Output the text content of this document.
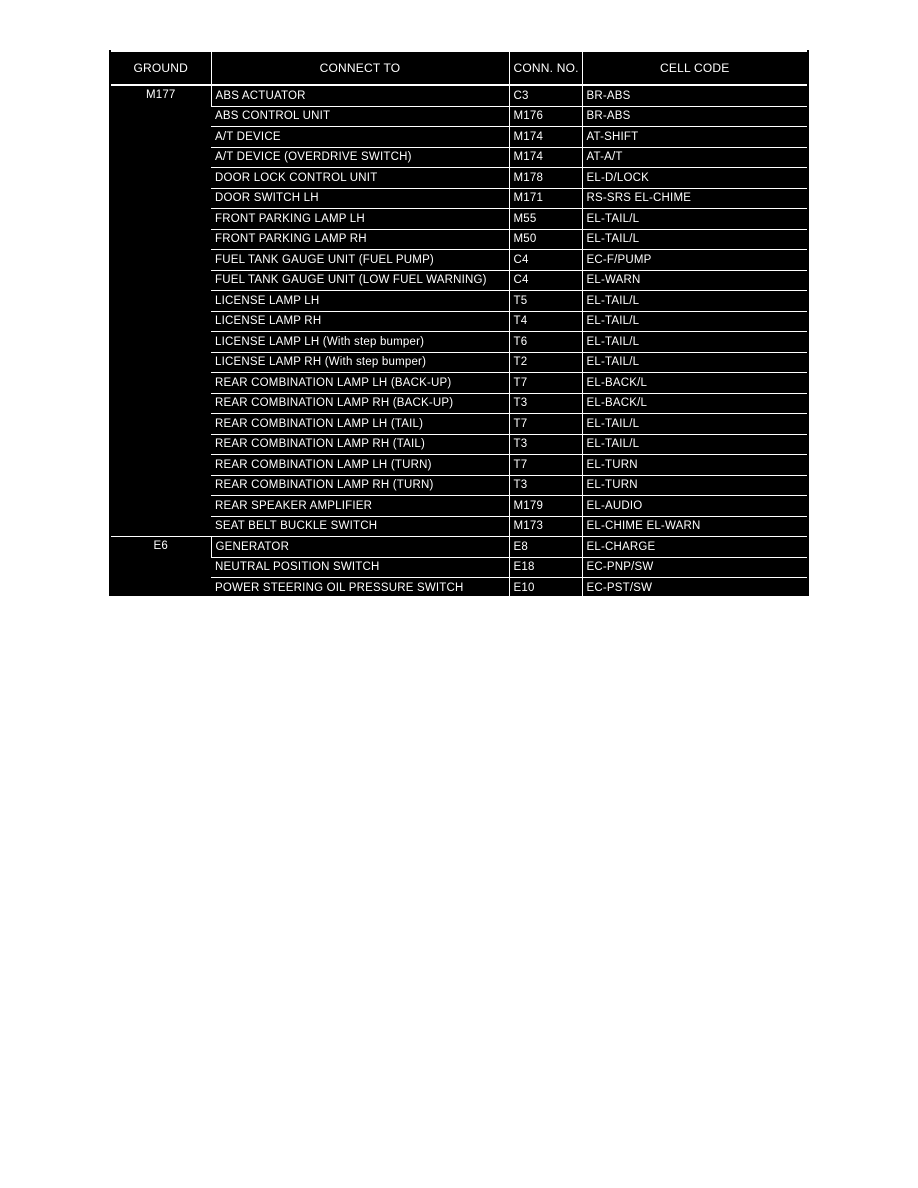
GROUND	CONNECT TO	CONN. NO.	CELL CODE
M177	ABS ACTUATOR	C3	BR-ABS
	ABS CONTROL UNIT	M176	BR-ABS
	A/T DEVICE	M174	AT-SHIFT
	A/T DEVICE (OVERDRIVE SWITCH)	M174	AT-A/T
	DOOR LOCK CONTROL UNIT	M178	EL-D/LOCK
	DOOR SWITCH LH	M171	RS-SRS EL-CHIME
	FRONT PARKING LAMP LH	M55	EL-TAIL/L
	FRONT PARKING LAMP RH	M50	EL-TAIL/L
	FUEL TANK GAUGE UNIT (FUEL PUMP)	C4	EC-F/PUMP
	FUEL TANK GAUGE UNIT (LOW FUEL WARNING)	C4	EL-WARN
	LICENSE LAMP LH	T5	EL-TAIL/L
	LICENSE LAMP RH	T4	EL-TAIL/L
	LICENSE LAMP LH (With step bumper)	T6	EL-TAIL/L
	LICENSE LAMP RH (With step bumper)	T2	EL-TAIL/L
	REAR COMBINATION LAMP LH (BACK-UP)	T7	EL-BACK/L
	REAR COMBINATION LAMP RH (BACK-UP)	T3	EL-BACK/L
	REAR COMBINATION LAMP LH (TAIL)	T7	EL-TAIL/L
	REAR COMBINATION LAMP RH (TAIL)	T3	EL-TAIL/L
	REAR COMBINATION LAMP LH (TURN)	T7	EL-TURN
	REAR COMBINATION LAMP RH (TURN)	T3	EL-TURN
	REAR SPEAKER AMPLIFIER	M179	EL-AUDIO
	SEAT BELT BUCKLE SWITCH	M173	EL-CHIME EL-WARN
E6	GENERATOR	E8	EL-CHARGE
	NEUTRAL POSITION SWITCH	E18	EC-PNP/SW
	POWER STEERING OIL PRESSURE SWITCH	E10	EC-PST/SW
E24/E25	BATTERY	E23	EL-POWER
